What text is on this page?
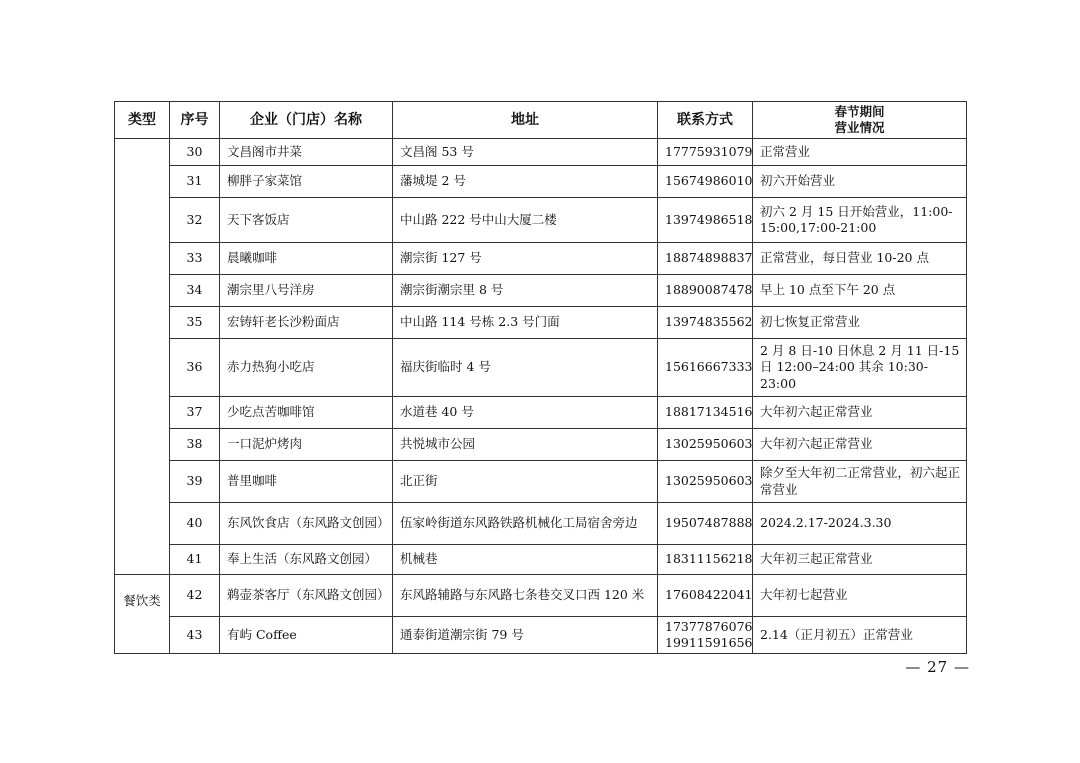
类型	序号	企业（门店）名称	地址	联系方式	春节期间
营业情况
	30	文昌阁市井菜	文昌阁 53 号	17775931079	正常营业
	31	柳胖子家菜馆	藩城堤 2 号	15674986010	初六开始营业
	32	天下客饭店	中山路 222 号中山大厦二楼	13974986518	初六 2 月 15 日开始营业，11:00-15:00,17:00-21:00
	33	晨曦咖啡	潮宗街 127 号	18874898837	正常营业，每日营业 10-20 点
	34	潮宗里八号洋房	潮宗街潮宗里 8 号	18890087478	早上 10 点至下午 20 点
	35	宏铸轩老长沙粉面店	中山路 114 号栋 2.3 号门面	13974835562	初七恢复正常营业
	36	赤力热狗小吃店	福庆街临时 4 号	15616667333	2 月 8 日-10 日休息 2 月 11 日-15 日 12:00–24:00 其余 10:30-23:00
	37	少吃点苦咖啡馆	水道巷 40 号	18817134516	大年初六起正常营业
	38	一口泥炉烤肉	共悦城市公园	13025950603	大年初六起正常营业
	39	普里咖啡	北正街	13025950603	除夕至大年初二正常营业，初六起正常营业
	40	东风饮食店（东风路文创园）	伍家岭街道东风路铁路机械化工局宿舍旁边	19507487888	2024.2.17-2024.3.30
	41	奉上生活（东风路文创园）	机械巷	18311156218	大年初三起正常营业
餐饮类	42	鹈壶茶客厅（东风路文创园）	东风路辅路与东风路七条巷交叉口西 120 米	17608422041	大年初七起营业
	43	有屿 Coffee	通泰街道潮宗街 79 号	17377876076 19911591656	2.14（正月初五）正常营业
— 27 —
